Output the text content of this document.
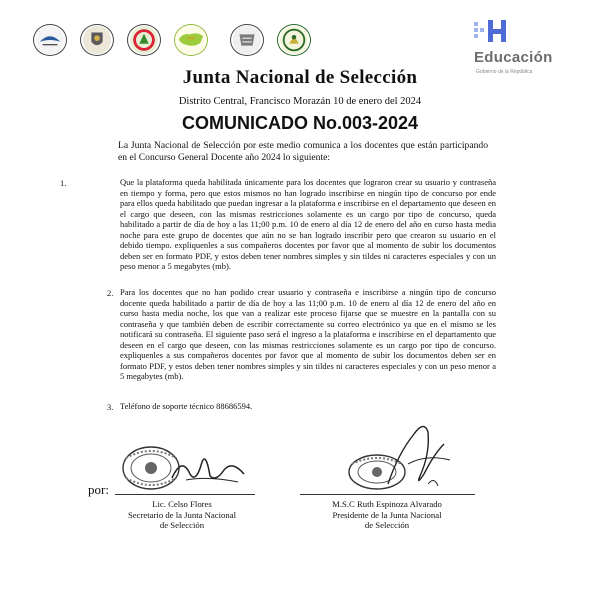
Educación
Gobierno de la República
Junta Nacional de Selección
Distrito Central, Francisco Morazán 10 de enero del 2024
COMUNICADO No.003-2024
La Junta Nacional de Selección por este medio comunica a los docentes que están participando en el Concurso General Docente año 2024 lo siguiente:
1.	Que la plataforma queda habilitada únicamente para los docentes que lograron crear su usuario y contraseña en tiempo y forma, pero que estos mismos no han logrado inscribirse en ningún tipo de concurso por ende para ellos queda habilitado que puedan ingresar a la plataforma e inscribirse en el departamento que deseen en el cargo que deseen, con las mismas restricciones solamente es un cargo por tipo de concurso, queda habilitado a partir de día de hoy a las 11;00 p.m. 10 de enero al día 12 de enero del año en curso hasta media noche para este grupo de docentes que aún no se han logrado inscribir pero que crearon su usuario en el debido tiempo. expliquenles a sus compañeros docentes por favor que al momento de subir los documentos deben ser en formato PDF, y estos deben tener nombres simples y sin tildes ni caracteres especiales y con un peso menor a 5 megabytes (mb).
2. Para los docentes que no han podido crear usuario y contraseña e inscribirse a ningún tipo de concurso docente queda habilitado a partir de día de hoy a las 11;00 p.m. 10 de enero al día 12 de enero del año en curso hasta media noche, los que van a realizar este proceso fijarse que se muestre en la pantalla con su contraseña y que también deben de escribir correctamente su correo electrónico ya que en el mismo se les notificará su contraseña. El siguiente paso será el ingreso a la plataforma e inscribirse en el departamento que deseen en el cargo que deseen, con las mismas restricciones solamente es un cargo por tipo de concurso. expliquenles a sus compañeros docentes por favor que al momento de subir los documentos deben ser en formato PDF, y estos deben tener nombres simples y sin tildes ni caracteres especiales y con un peso menor a 5 megabytes (mb).
3. Teléfono de soporte técnico 88686594.
por:
Lic. Celso Flores
Secretario de la Junta Nacional
de Selección
M.S.C Ruth Espinoza Alvarado
Presidente de la Junta Nacional
de Selección
